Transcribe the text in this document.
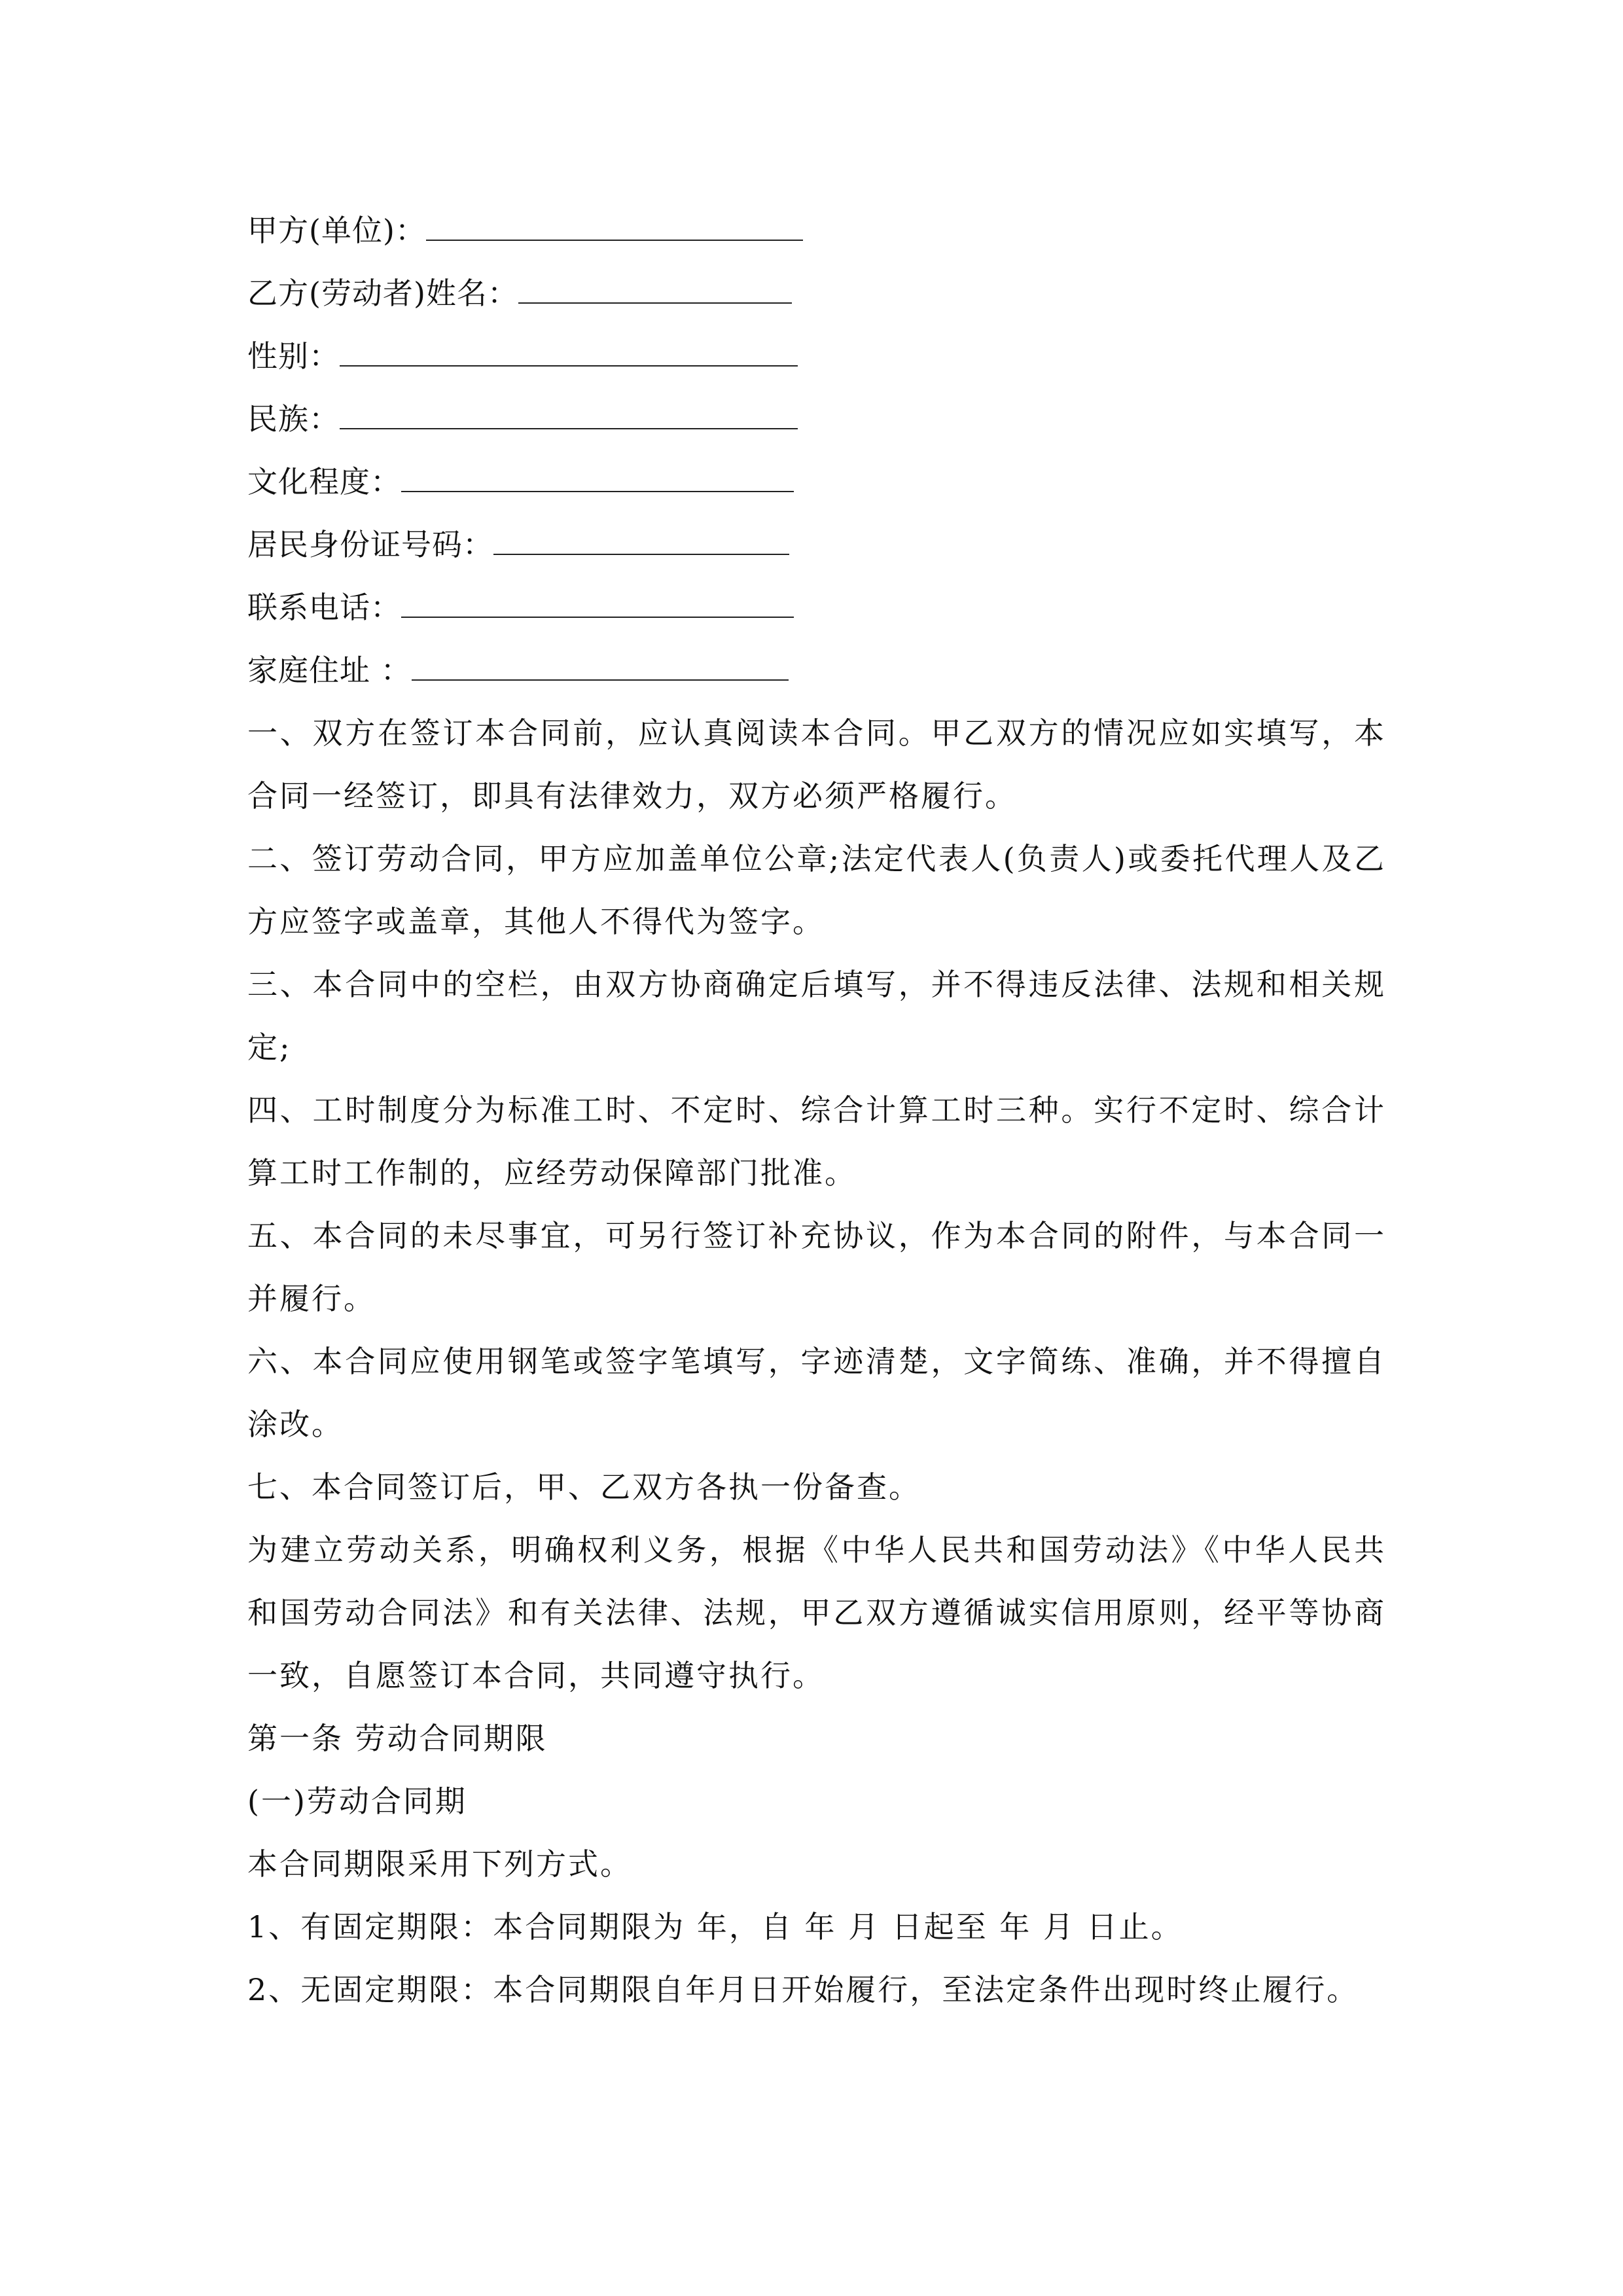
甲方(单位)：
乙方(劳动者)姓名：
性别：
民族：
文化程度：
居民身份证号码：
联系电话：
家庭住址 ：
一、双方在签订本合同前，应认真阅读本合同。甲乙双方的情况应如实填写，本合同一经签订，即具有法律效力，双方必须严格履行。
二、签订劳动合同，甲方应加盖单位公章;法定代表人(负责人)或委托代理人及乙方应签字或盖章，其他人不得代为签字。
三、本合同中的空栏，由双方协商确定后填写，并不得违反法律、法规和相关规定;
四、工时制度分为标准工时、不定时、综合计算工时三种。实行不定时、综合计算工时工作制的，应经劳动保障部门批准。
五、本合同的未尽事宜，可另行签订补充协议，作为本合同的附件，与本合同一并履行。
六、本合同应使用钢笔或签字笔填写，字迹清楚，文字简练、准确，并不得擅自涂改。
七、本合同签订后，甲、乙双方各执一份备查。
为建立劳动关系，明确权利义务，根据《中华人民共和国劳动法》《中华人民共和国劳动合同法》和有关法律、法规，甲乙双方遵循诚实信用原则，经平等协商一致，自愿签订本合同，共同遵守执行。
第一条 劳动合同期限
(一)劳动合同期
本合同期限采用下列方式。
1、有固定期限：本合同期限为 年，自 年 月 日起至 年 月 日止。
2、无固定期限：本合同期限自年月日开始履行，至法定条件出现时终止履行。
